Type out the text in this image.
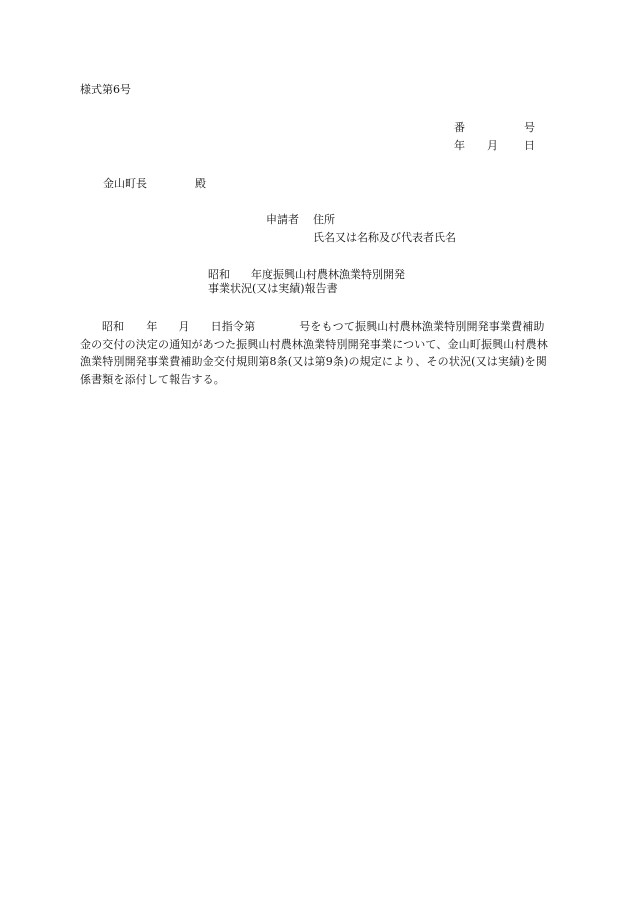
様式第6号
番	号
年 月 日
金山町長	殿
申請者 住所
氏名又は名称及び代表者氏名
昭和 年度振興山村農林漁業特別開発
事業状況(又は実績)報告書
昭和 年 月 日指令第	号をもつて振興山村農林漁業特別開発事業費補助金の交付の決定の通知があつた振興山村農林漁業特別開発事業について、金山町振興山村農林漁業特別開発事業費補助金交付規則第8条(又は第9条)の規定により、その状況(又は実績)を関係書類を添付して報告する。
